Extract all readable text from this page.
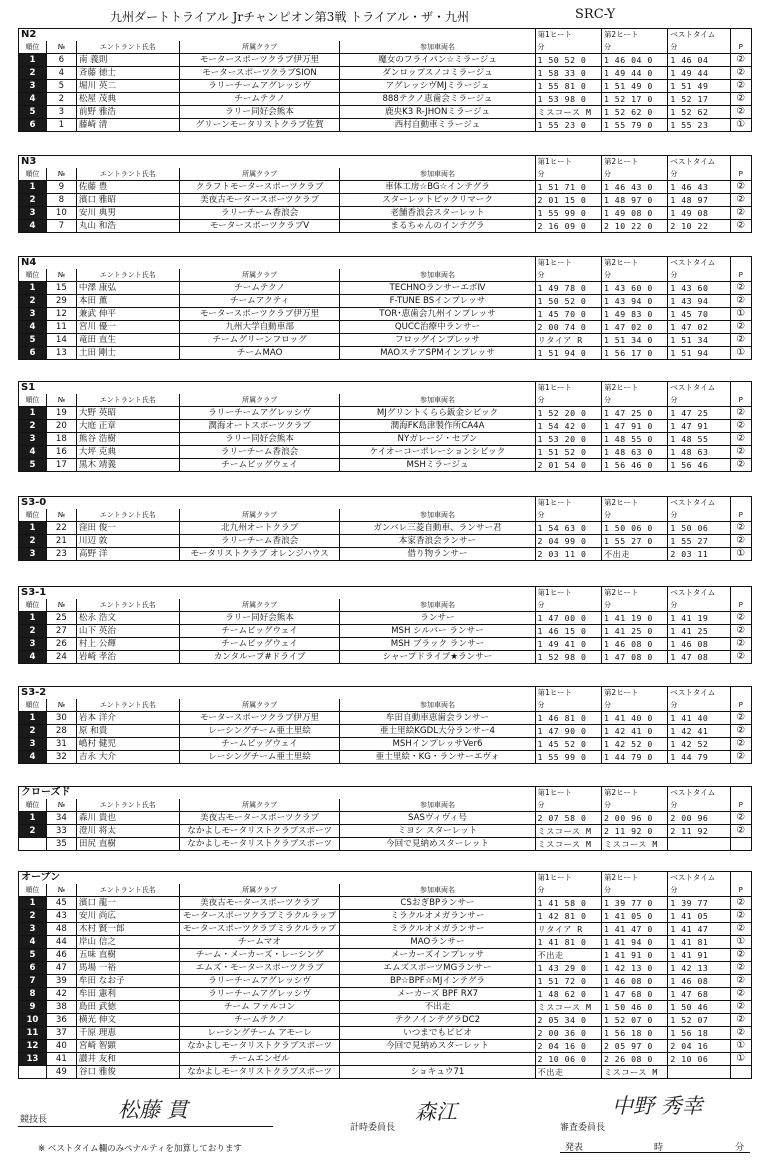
九州ダートトライアル Jrチャンピオン第3戦 トライアル・ザ・九州	SRC-Y
N2					第1ヒート	第2ヒート	ベストタイム	
順位	№	エントラント氏名	所属クラブ	参加車両名	分	分	分	P
1	6	南 義則	モータースポーツクラブ伊万里	魔女のフライパン☆ミラージュ	1 50 52 0	1 46 04 0	1 46 04	②
2	4	斉藤 徳士	モータースポーツクラブSION	ダンロップスノコミラージュ	1 58 33 0	1 49 44 0	1 49 44	②
3	5	堀川 英二	ラリーチームアグレッシヴ	アグレッシヴMJミラージュ	1 55 81 0	1 51 49 0	1 51 49	②
4	2	松屋 茂典	チームテクノ	888テクノ恵歯会ミラージュ	1 53 98 0	1 52 17 0	1 52 17	②
5	3	前野 雅浩	ラリー同好会熊本	鹿央K3 R-JHONミラージュ	ミスコース M	1 52 62 0	1 52 62	②
6	1	藤崎 清	グリーンモータリストクラブ佐賀	西村自動車ミラージュ	1 55 23 0	1 55 79 0	1 55 23	①
N3					第1ヒート	第2ヒート	ベストタイム	
順位	№	エントラント氏名	所属クラブ	参加車両名	分	分	分	P
1	9	佐藤 豊	クラフトモータースポーツクラブ	車体工房☆BG☆インテグラ	1 51 71 0	1 46 43 0	1 46 43	②
2	8	濱口 雅昭	美夜古モータースポーツクラブ	スターレットビックリマーク	2 01 15 0	1 48 97 0	1 48 97	②
3	10	安川 典男	ラリーチーム香浪会	老舗香浪会スターレット	1 55 99 0	1 49 08 0	1 49 08	②
4	7	丸山 和浩	モータースポーツクラブV	まるちゃんのインテグラ	2 16 09 0	2 10 22 0	2 10 22	②
N4					第1ヒート	第2ヒート	ベストタイム	
順位	№	エントラント氏名	所属クラブ	参加車両名	分	分	分	P
1	15	中澤 康弘	チームテクノ	TECHNOランサーエボⅣ	1 49 78 0	1 43 60 0	1 43 60	②
2	29	本田 薫	チームアクティ	F-TUNE BSインプレッサ	1 50 52 0	1 43 94 0	1 43 94	②
3	12	兼武 伸平	モータースポーツクラブ伊万里	TOR･恵歯会九州インプレッサ	1 45 70 0	1 49 83 0	1 45 70	①
4	11	宮川 優一	九州大学自動車部	QUCC治療中ランサー	2 00 74 0	1 47 02 0	1 47 02	②
5	14	竜田 直生	チームグリーンフロッグ	フロッグインプレッサ	リタイア R	1 51 34 0	1 51 34	②
6	13	土田 剛士	チームMAO	MAOステアSPMインプレッサ	1 51 94 0	1 56 17 0	1 51 94	①
S1					第1ヒート	第2ヒート	ベストタイム	
順位	№	エントラント氏名	所属クラブ	参加車両名	分	分	分	P
1	19	大野 英昭	ラリーチームアグレッシヴ	MJグリントくらら鈑金シビック	1 52 20 0	1 47 25 0	1 47 25	②
2	20	大庭 正章	潤海オートスポーツクラブ	潤海FK島津製作所CA4A	1 54 42 0	1 47 91 0	1 47 91	②
3	18	熊谷 浩樹	ラリー同好会熊本	NYガレージ・セブン	1 53 20 0	1 48 55 0	1 48 55	②
4	16	大坪 克典	ラリーチーム香浪会	ケイオーコーポレーションシビック	1 51 52 0	1 48 63 0	1 48 63	②
5	17	黒木 靖義	チームビッグウェイ	MSHミラージュ	2 01 54 0	1 56 46 0	1 56 46	②
S3-0					第1ヒート	第2ヒート	ベストタイム	
順位	№	エントラント氏名	所属クラブ	参加車両名	分	分	分	P
1	22	窪田 俊一	北九州オートクラブ	ガンバレ三菱自動車、ランサー君	1 54 63 0	1 50 06 0	1 50 06	②
2	21	川辺 敦	ラリーチーム香浪会	本家香浪会ランサー	2 04 99 0	1 55 27 0	1 55 27	②
3	23	高野 洋	モータリストクラブ オレンジハウス	借り物ランサー	2 03 11 0	不出走	2 03 11	①
S3-1					第1ヒート	第2ヒート	ベストタイム	
順位	№	エントラント氏名	所属クラブ	参加車両名	分	分	分	P
1	25	松永 浩文	ラリー同好会熊本	ランサー	1 47 00 0	1 41 19 0	1 41 19	②
2	27	山下 英治	チームビッグウェイ	MSH シルバー ランサー	1 46 15 0	1 41 25 0	1 41 25	②
3	26	村上 公輝	チームビッグウェイ	MSH ブラック ランサー	1 49 41 0	1 46 08 0	1 46 08	②
4	24	岩崎 孝治	カンタループ#ドライブ	シャープドライブ★ランサー	1 52 98 0	1 47 08 0	1 47 08	②
S3-2					第1ヒート	第2ヒート	ベストタイム	
順位	№	エントラント氏名	所属クラブ	参加車両名	分	分	分	P
1	30	岩本 洋介	モータースポーツクラブ伊万里	牟田自動車恵歯会ランサー	1 46 81 0	1 41 40 0	1 41 40	②
2	28	原 和貴	レーシングチーム亜土里絵	亜土里絵KGDL大分ランサー4	1 47 90 0	1 42 41 0	1 42 41	②
3	31	嶋村 健児	チームビッグウェイ	MSHインプレッサVer6	1 45 52 0	1 42 52 0	1 42 52	②
4	32	吉永 大介	レーシングチーム亜土里絵	亜土里絵・KG・ランサーエヴォ	1 55 99 0	1 44 79 0	1 44 79	②
クローズド					第1ヒート	第2ヒート	ベストタイム	
順位	№	エントラント氏名	所属クラブ	参加車両名	分	分	分	P
1	34	森川 貴也	美夜古モータースポーツクラブ	SASヴィヴィ号	2 07 58 0	2 00 96 0	2 00 96	②
2	33	澄川 将太	なかよしモータリストクラブスポーツ	ミヨシ スターレット	ミスコース M	2 11 92 0	2 11 92	②
	35	田尻 直樹	なかよしモータリストクラブスポーツ	今回で見納めスターレット	ミスコース M	ミスコース M		
オープン					第1ヒート	第2ヒート	ベストタイム	
順位	№	エントラント氏名	所属クラブ	参加車両名	分	分	分	P
1	45	濱口 龍一	美夜古モータースポーツクラブ	CSおぎBPランサー	1 41 58 0	1 39 77 0	1 39 77	②
2	43	安川 尚広	モータースポーツクラブミラクルラップ	ミラクルオメガランサー	1 42 81 0	1 41 05 0	1 41 05	②
3	48	木村 賢一郎	モータースポーツクラブミラクルラップ	ミラクルオメガランサー	リタイア R	1 41 47 0	1 41 47	②
4	44	岸山 信之	チームマオ	MAOランサー	1 41 81 0	1 41 94 0	1 41 81	①
5	46	五味 直樹	チーム・メーカーズ・レーシング	メーカーズインプレッサ	不出走	1 41 91 0	1 41 91	②
6	47	馬場 一裕	エムズ・モータースポーツクラブ	エムズスポーツMGランサー	1 43 29 0	1 42 13 0	1 42 13	②
7	39	牟田 なお子	ラリーチームアグレッシヴ	BP☆BPF☆MJインテグラ	1 51 72 0	1 46 08 0	1 46 08	②
8	42	牟田 憲利	ラリーチームアグレッシヴ	メーカーズ BPF RX7	1 48 62 0	1 47 68 0	1 47 68	②
9	38	島田 武徳	チーム ファルコン	不出走	ミスコース M	1 50 46 0	1 50 46	②
10	36	横光 伸文	チームテクノ	テクノインテグラDC2	2 05 34 0	1 52 07 0	1 52 07	②
11	37	千原 理恵	レーシングチーム アモーレ	いつまでもビビオ	2 00 36 0	1 56 18 0	1 56 18	②
12	40	宮崎 智顕	なかよしモータリストクラブスポーツ	今回で見納めスターレット	2 04 16 0	2 05 97 0	2 04 16	①
13	41	讃井 友和	チームエンゼル		2 10 06 0	2 26 08 0	2 10 06	①
	49	谷口 雅俊	なかよしモータリストクラブスポーツ	ショキュウ71	不出走	ミスコース M		
競技長	松藤 貫
計時委員長
森江
審査委員長
中野 秀幸
※ ベストタイム欄のみペナルティを加算しております	発表	時	分
